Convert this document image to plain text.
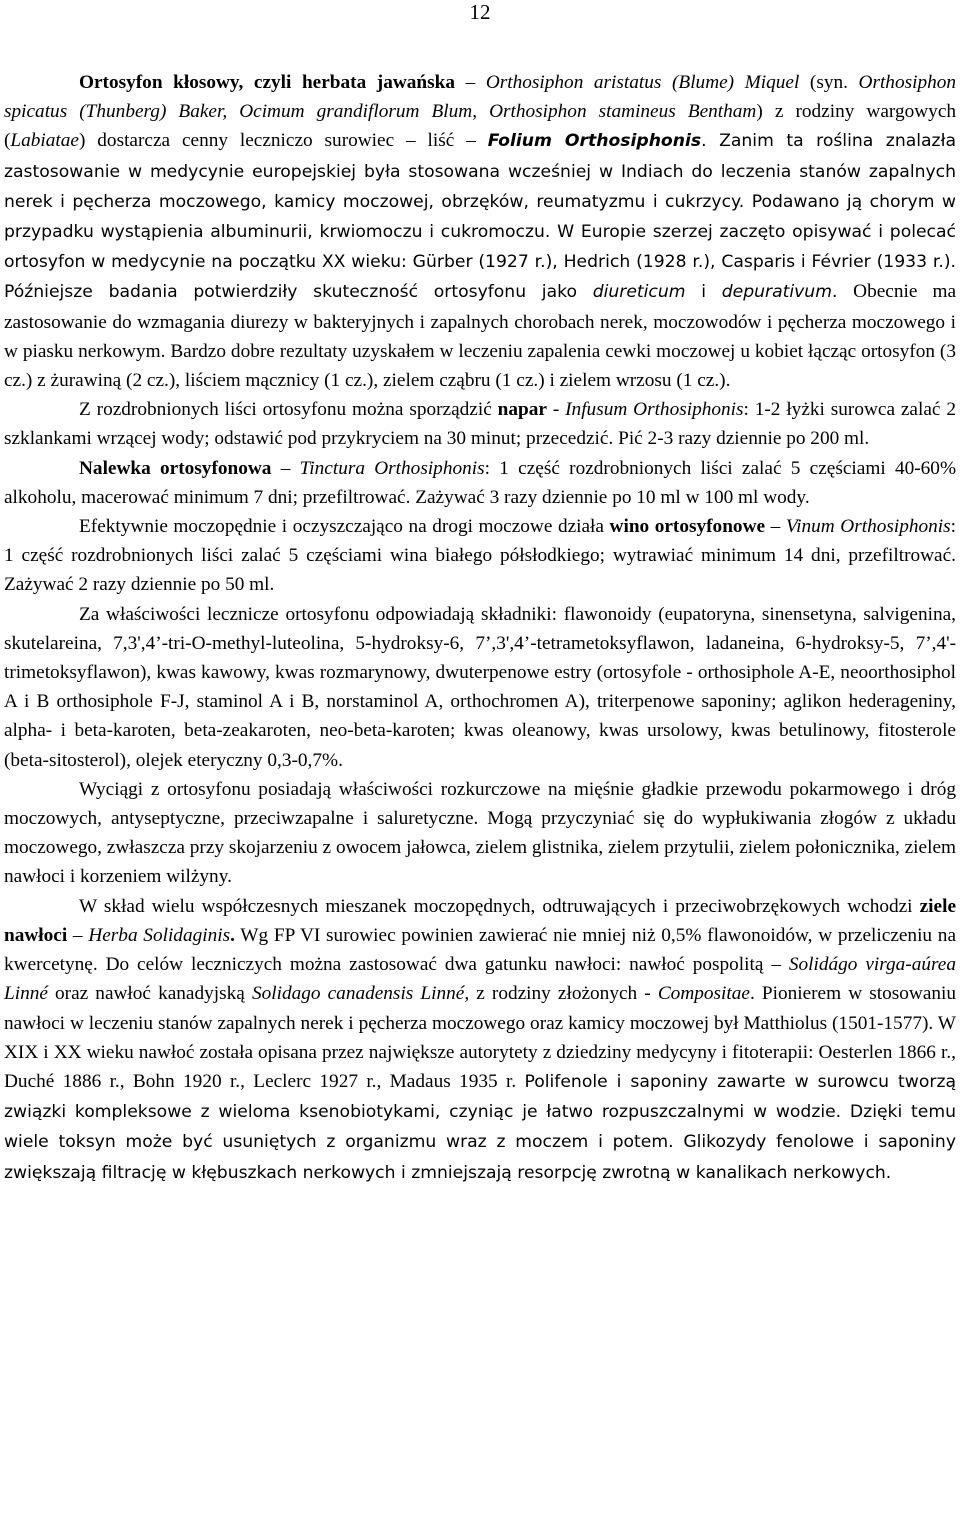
12

Ortosyfon kłosowy, czyli herbata jawańska – Orthosiphon aristatus (Blume) Miquel (syn. Orthosiphon spicatus (Thunberg) Baker, Ocimum grandiflorum Blum, Orthosiphon stamineus Bentham) z rodziny wargowych (Labiatae) dostarcza cenny leczniczo surowiec – liść – Folium Orthosiphonis. Zanim ta roślina znalazła zastosowanie w medycynie europejskiej była stosowana wcześniej w Indiach do leczenia stanów zapalnych nerek i pęcherza moczowego, kamicy moczowej, obrzęków, reumatyzmu i cukrzycy. Podawano ją chorym w przypadku wystąpienia albuminurii, krwiomoczu i cukromoczu. W Europie szerzej zaczęto opisywać i polecać ortosyfon w medycynie na początku XX wieku: Gürber (1927 r.), Hedrich (1928 r.), Casparis i Février (1933 r.). Późniejsze badania potwierdziły skuteczność ortosyfonu jako diureticum i depurativum. Obecnie ma zastosowanie do wzmagania diurezy w bakteryjnych i zapalnych chorobach nerek, moczowodów i pęcherza moczowego i w piasku nerkowym. Bardzo dobre rezultaty uzyskałem w leczeniu zapalenia cewki moczowej u kobiet łącząc ortosyfon (3 cz.) z żurawiną (2 cz.), liściem mącznicy (1 cz.), zielem cząbru (1 cz.) i zielem wrzosu (1 cz.).

Z rozdrobnionych liści ortosyfonu można sporządzić napar - Infusum Orthosiphonis: 1-2 łyżki surowca zalać 2 szklankami wrzącej wody; odstawić pod przykryciem na 30 minut; przecedzić. Pić 2-3 razy dziennie po 200 ml.

Nalewka ortosyfonowa – Tinctura Orthosiphonis: 1 część rozdrobnionych liści zalać 5 częściami 40-60% alkoholu, macerować minimum 7 dni; przefiltrować. Zażywać 3 razy dziennie po 10 ml w 100 ml wody.

Efektywnie moczopędnie i oczyszczająco na drogi moczowe działa wino ortosyfonowe – Vinum Orthosiphonis: 1 część rozdrobnionych liści zalać 5 częściami wina białego półsłodkiego; wytrawiać minimum 14 dni, przefiltrować. Zażywać 2 razy dziennie po 50 ml.

Za właściwości lecznicze ortosyfonu odpowiadają składniki: flawonoidy (eupatoryna, sinensetyna, salvigenina, skutelareina, 7,3',4’-tri-O-methyl-luteolina, 5-hydroksy-6, 7’,3',4’-tetrametoksyflawon, ladaneina, 6-hydroksy-5, 7’,4'-trimetoksyflawon), kwas kawowy, kwas rozmarynowy, dwuterpenowe estry (ortosyfole - orthosiphole A-E, neoorthosiphol A i B orthosiphole F-J, staminol A i B, norstaminol A, orthochromen A), triterpenowe saponiny; aglikon hederageniny, alpha- i beta-karoten, beta-zeakaroten, neo-beta-karoten; kwas oleanowy, kwas ursolowy, kwas betulinowy, fitosterole (beta-sitosterol), olejek eteryczny 0,3-0,7%.

Wyciągi z ortosyfonu posiadają właściwości rozkurczowe na mięśnie gładkie przewodu pokarmowego i dróg moczowych, antyseptyczne, przeciwzapalne i saluretyczne. Mogą przyczyniać się do wypłukiwania złogów z układu moczowego, zwłaszcza przy skojarzeniu z owocem jałowca, zielem glistnika, zielem przytulii, zielem połonicznika, zielem nawłoci i korzeniem wilżyny.

W skład wielu współczesnych mieszanek moczopędnych, odtruwających i przeciwobrzękowych wchodzi ziele nawłoci – Herba Solidaginis. Wg FP VI surowiec powinien zawierać nie mniej niż 0,5% flawonoidów, w przeliczeniu na kwercetynę. Do celów leczniczych można zastosować dwa gatunku nawłoci: nawłoć pospolitą – Solidágo virga-aúrea Linné oraz nawłoć kanadyjską Solidago canadensis Linné, z rodziny złożonych - Compositae. Pionierem w stosowaniu nawłoci w leczeniu stanów zapalnych nerek i pęcherza moczowego oraz kamicy moczowej był Matthiolus (1501-1577). W XIX i XX wieku nawłoć została opisana przez największe autorytety z dziedziny medycyny i fitoterapii: Oesterlen 1866 r., Duché 1886 r., Bohn 1920 r., Leclerc 1927 r., Madaus 1935 r. Polifenole i saponiny zawarte w surowcu tworzą związki kompleksowe z wieloma ksenobiotykami, czyniąc je łatwo rozpuszczalnymi w wodzie. Dzięki temu wiele toksyn może być usuniętych z organizmu wraz z moczem i potem. Glikozydy fenolowe i saponiny zwiększają filtrację w kłębuszkach nerkowych i zmniejszają resorpcję zwrotną w kanalikach nerkowych.
